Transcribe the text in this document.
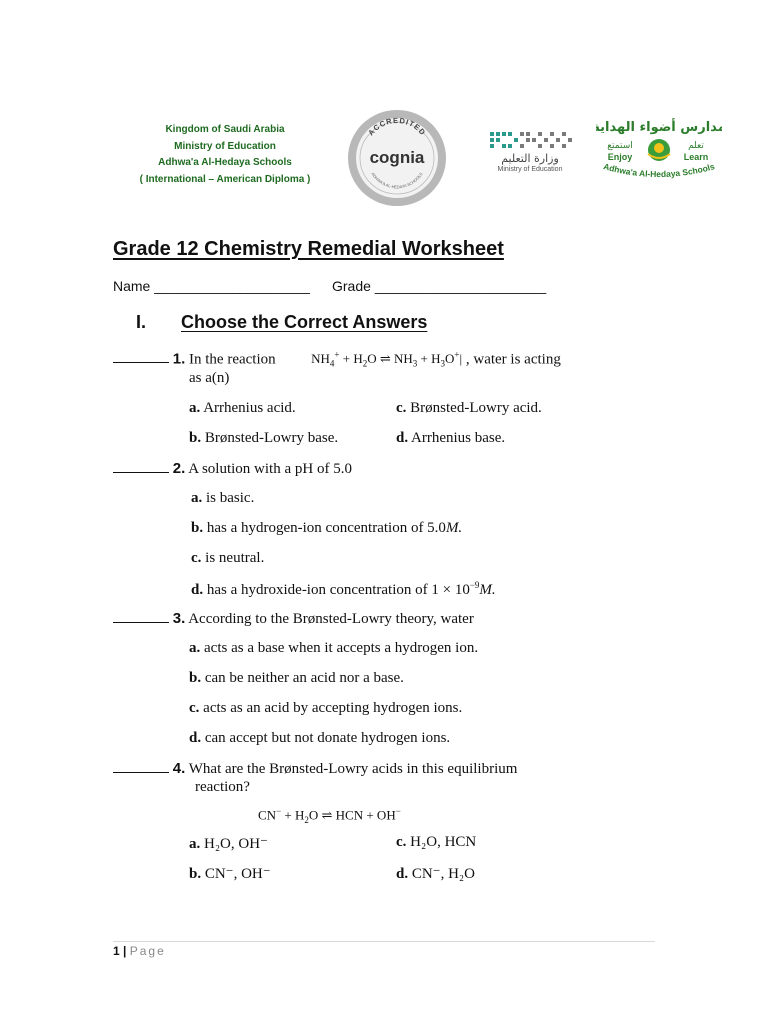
Kingdom of Saudi Arabia
Ministry of Education
Adhwa'a Al-Hedaya Schools
( International – American Diploma )
ACCREDITED
cognia
ADHWA'A AL-HEDAYA SCHOOLS
وزارة التعليم
Ministry of Education
مدارس أضواء الهداية
استمتع	تعلم
Enjoy	Learn
Adhwa'a Al-Hedaya Schools
Grade 12 Chemistry Remedial Worksheet
Name ____________________ Grade ______________________
I. Choose the Correct Answers
1. In the reaction	$NH_4^+ + H_2O$ ⇌ $NH_3 + H_3O^+|$ , water is acting
as a(n)
a. Arrhenius acid.	c. Brønsted-Lowry acid.
b. Brønsted-Lowry base.	d. Arrhenius base.
2. A solution with a pH of 5.0
a. is basic.
b. has a hydrogen-ion concentration of 5.0M.
c. is neutral.
d. has a hydroxide-ion concentration of $1 \times 10^{-9}M$.
3. According to the Brønsted-Lowry theory, water
a. acts as a base when it accepts a hydrogen ion.
b. can be neither an acid nor a base.
c. acts as an acid by accepting hydrogen ions.
d. can accept but not donate hydrogen ions.
4. What are the Brønsted-Lowry acids in this equilibrium
reaction?
$CN^- + H_2O$ ⇌ HCN + OH−
a. H₂O, OH⁻	c. H₂O, HCN
b. CN⁻, OH⁻	d. CN⁻, H₂O
1 | Page
